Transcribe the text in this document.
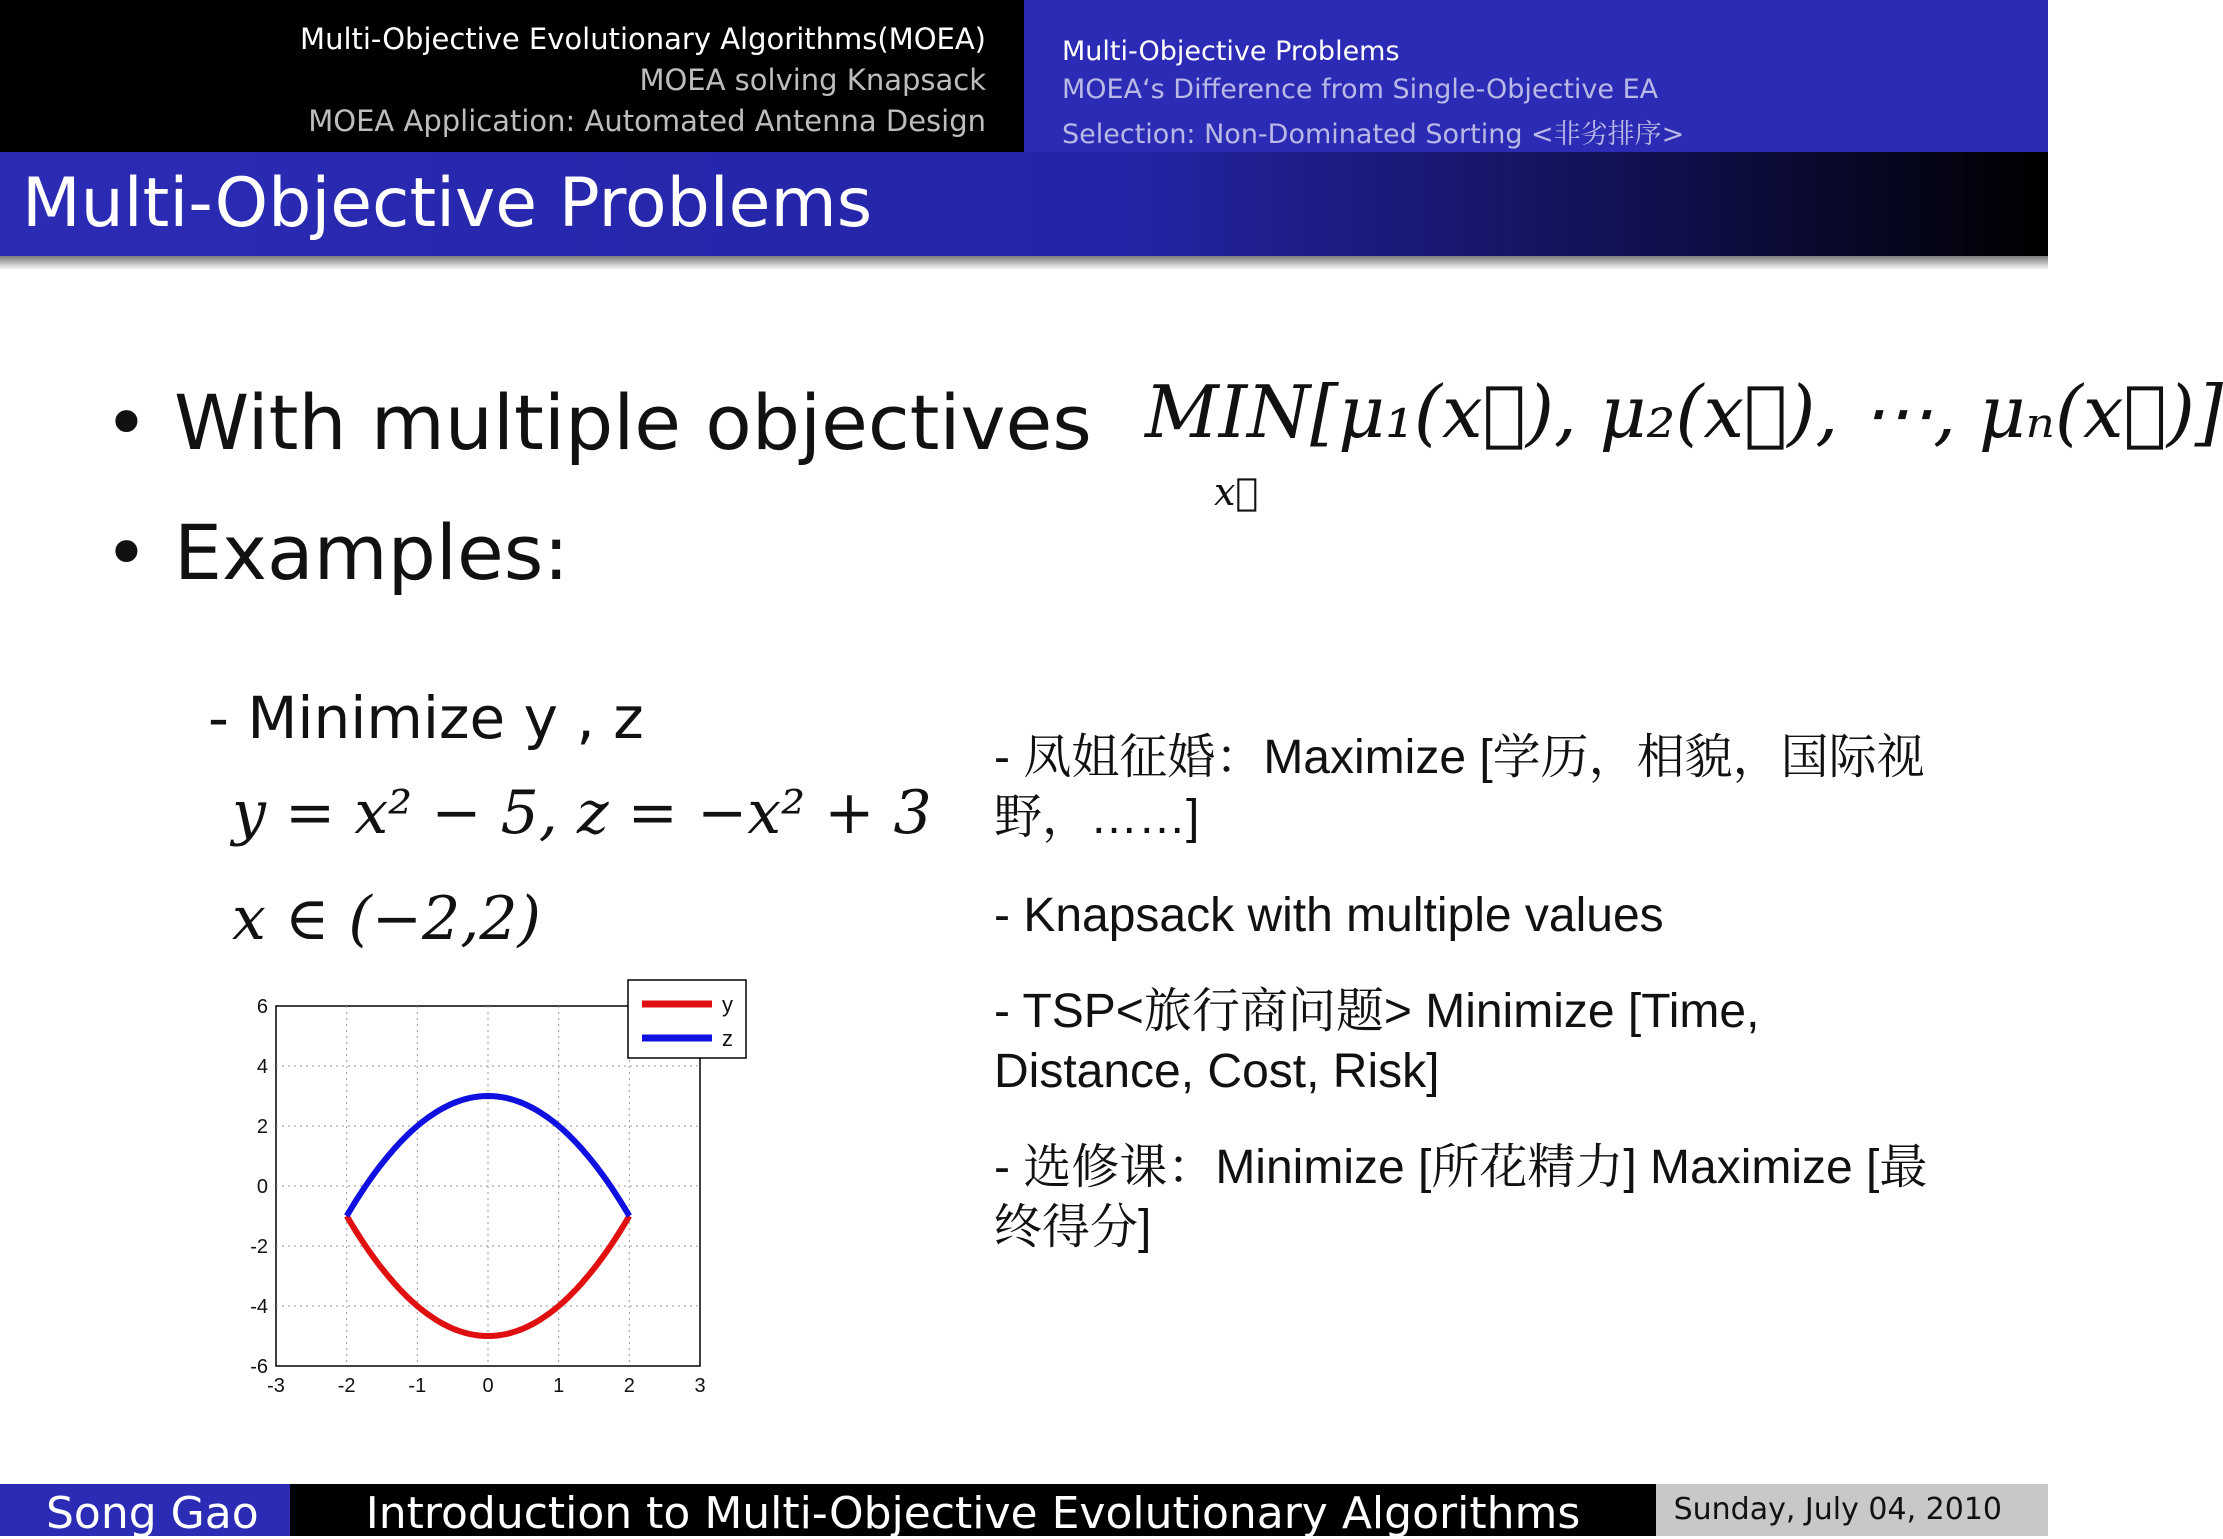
Multi-Objective Evolutionary Algorithms(MOEA)
MOEA solving Knapsack
MOEA Application: Automated Antenna Design
Multi-Objective Problems
MOEA‘s Difference from Single-Objective EA
Selection: Non-Dominated Sorting <非劣排序>
Multi-Objective Problems
• With multiple objectives
• Examples:
MIN[μ₁(x⃗), μ₂(x⃗), ⋯, μₙ(x⃗)]
x⃗
- Minimize y , z
y = x² − 5, z = −x² + 3
x ∈ (−2,2)
- 凤姐征婚：Maximize [学历，相貌，国际视野，……]
- Knapsack with multiple values
- TSP<旅行商问题> Minimize [Time, Distance, Cost, Risk]
- 选修课：Minimize [所花精力] Maximize [最终得分]
-3	-2	-1	0	1	2	3
6
4
2
0
-2
-4
-6
y
z
Song Gao	Introduction to Multi-Objective Evolutionary Algorithms	Sunday, July 04, 2010
